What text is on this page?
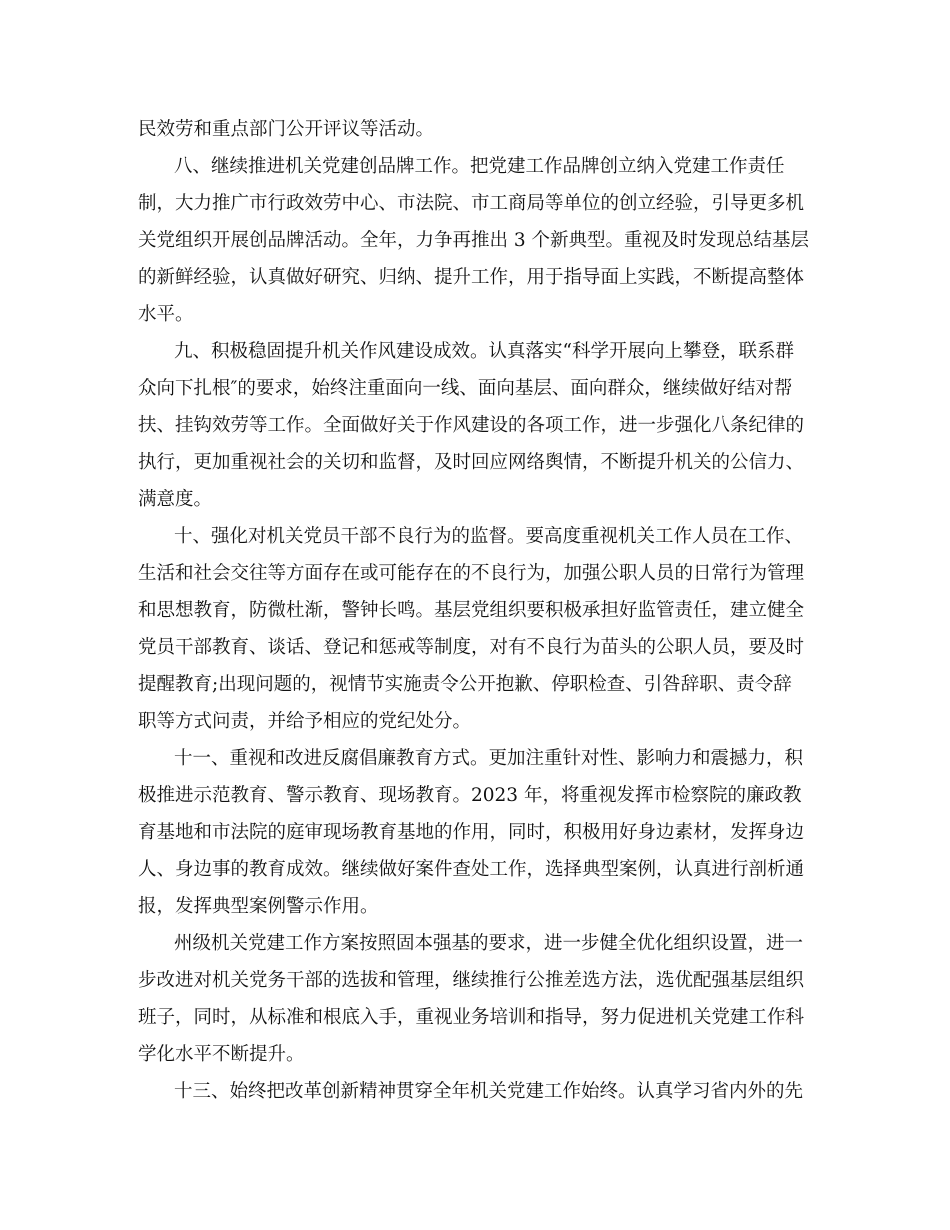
民效劳和重点部门公开评议等活动。
八、继续推进机关党建创品牌工作。把党建工作品牌创立纳入党建工作责任
制，大力推广市行政效劳中心、市法院、市工商局等单位的创立经验，引导更多机
关党组织开展创品牌活动。全年，力争再推出 3 个新典型。重视及时发现总结基层
的新鲜经验，认真做好研究、归纳、提升工作，用于指导面上实践，不断提高整体
水平。
九、积极稳固提升机关作风建设成效。认真落实“科学开展向上攀登，联系群
众向下扎根″的要求，始终注重面向一线、面向基层、面向群众，继续做好结对帮
扶、挂钩效劳等工作。全面做好关于作风建设的各项工作，进一步强化八条纪律的
执行，更加重视社会的关切和监督，及时回应网络舆情，不断提升机关的公信力、
满意度。
十、强化对机关党员干部不良行为的监督。要高度重视机关工作人员在工作、
生活和社会交往等方面存在或可能存在的不良行为，加强公职人员的日常行为管理
和思想教育，防微杜渐，警钟长鸣。基层党组织要积极承担好监管责任，建立健全
党员干部教育、谈话、登记和惩戒等制度，对有不良行为苗头的公职人员，要及时
提醒教育;出现问题的，视情节实施责令公开抱歉、停职检查、引咎辞职、责令辞
职等方式问责，并给予相应的党纪处分。
十一、重视和改进反腐倡廉教育方式。更加注重针对性、影响力和震撼力，积
极推进示范教育、警示教育、现场教育。2023 年，将重视发挥市检察院的廉政教
育基地和市法院的庭审现场教育基地的作用，同时，积极用好身边素材，发挥身边
人、身边事的教育成效。继续做好案件查处工作，选择典型案例，认真进行剖析通
报，发挥典型案例警示作用。
州级机关党建工作方案按照固本强基的要求，进一步健全优化组织设置，进一
步改进对机关党务干部的选拔和管理，继续推行公推差选方法，选优配强基层组织
班子，同时，从标准和根底入手，重视业务培训和指导，努力促进机关党建工作科
学化水平不断提升。
十三、始终把改革创新精神贯穿全年机关党建工作始终。认真学习省内外的先
